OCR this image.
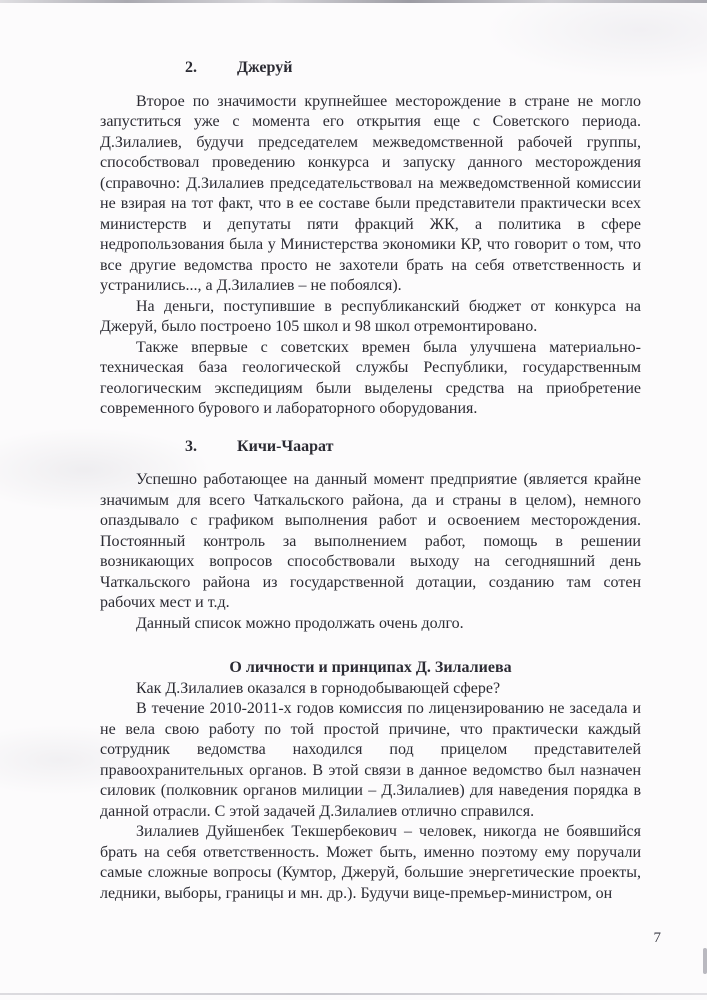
2.	Джеруй

Второе по значимости крупнейшее месторождение в стране не могло запуститься уже с момента его открытия еще с Советского периода. Д.Зилалиев, будучи председателем межведомственной рабочей группы, способствовал проведению конкурса и запуску данного месторождения (справочно: Д.Зилалиев председательствовал на межведомственной комиссии не взирая на тот факт, что в ее составе были представители практически всех министерств и депутаты пяти фракций ЖК, а политика в сфере недропользования была у Министерства экономики КР, что говорит о том, что все другие ведомства просто не захотели брать на себя ответственность и устранились..., а Д.Зилалиев – не побоялся).

На деньги, поступившие в республиканский бюджет от конкурса на Джеруй, было построено 105 школ и 98 школ отремонтировано.

Также впервые с советских времен была улучшена материально-техническая база геологической службы Республики, государственным геологическим экспедициям были выделены средства на приобретение современного бурового и лабораторного оборудования.

3.	Кичи-Чаарат

Успешно работающее на данный момент предприятие (является крайне значимым для всего Чаткальского района, да и страны в целом), немного опаздывало с графиком выполнения работ и освоением месторождения. Постоянный контроль за выполнением работ, помощь в решении возникающих вопросов способствовали выходу на сегодняшний день Чаткальского района из государственной дотации, созданию там сотен рабочих мест и т.д.

Данный список можно продолжать очень долго.

О личности и принципах Д. Зилалиева

Как Д.Зилалиев оказался в горнодобывающей сфере?

В течение 2010-2011-х годов комиссия по лицензированию не заседала и не вела свою работу по той простой причине, что практически каждый сотрудник ведомства находился под прицелом представителей правоохранительных органов. В этой связи в данное ведомство был назначен силовик (полковник органов милиции – Д.Зилалиев) для наведения порядка в данной отрасли. С этой задачей Д.Зилалиев отлично справился.

Зилалиев Дуйшенбек Текшербекович – человек, никогда не боявшийся брать на себя ответственность. Может быть, именно поэтому ему поручали самые сложные вопросы (Кумтор, Джеруй, большие энергетические проекты, ледники, выборы, границы и мн. др.). Будучи вице-премьер-министром, он

7
